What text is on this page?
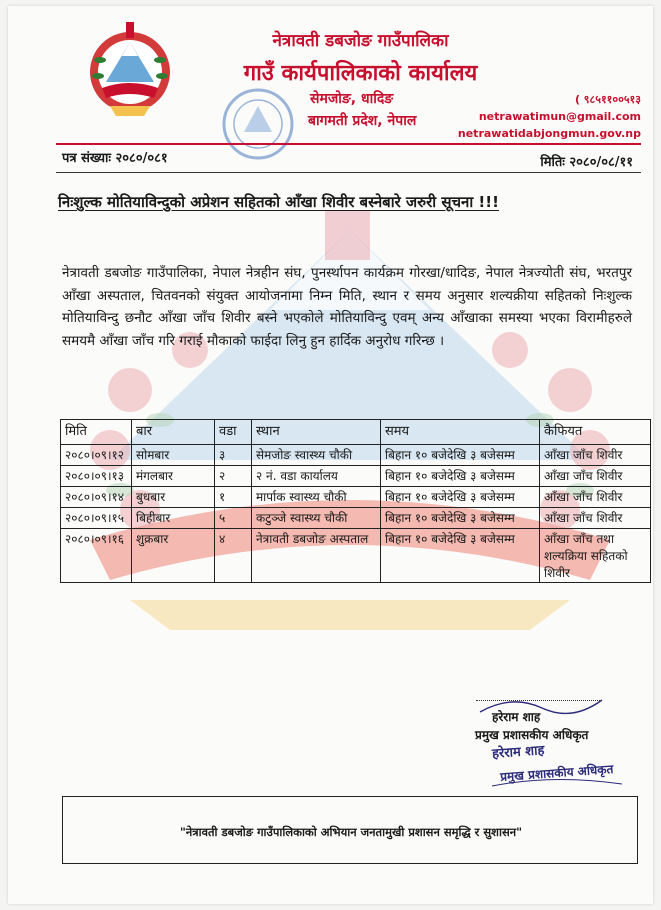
नेत्रावती डबजोङ गाउँपालिका
गाउँ कार्यपालिकाको कार्यालय
सेमजोङ, धादिङ
बागमती प्रदेश, नेपाल
( ९८५११००५१३
netrawatimun@gmail.com
netrawatidabjongmun.gov.np
पत्र संख्याः २०८०/०८१	मितिः २०८०/०८/११
निःशुल्क मोतियाविन्दुको अप्रेशन सहितको आँखा शिवीर बस्नेबारे जरुरी सूचना !!!
नेत्रावती डबजोङ गाउँपालिका, नेपाल नेत्रहीन संघ, पुनर्स्थापन कार्यक्रम गोरखा/धादिङ, नेपाल नेत्रज्योती संघ, भरतपुर आँखा अस्पताल, चितवनको संयुक्त आयोजनामा निम्न मिति, स्थान र समय अनुसार शल्यक्रीया सहितको निःशुल्क मोतियाविन्दु छनौट आँखा जाँच शिवीर बस्ने भएकोले मोतियाविन्दु एवम् अन्य आँखाका समस्या भएका विरामीहरुले समयमै आँखा जाँच गरि गराई मौकाको फाईदा लिनु हुन हार्दिक अनुरोध गरिन्छ ।
मिति	बार	वडा	स्थान	समय	कैफियत
२०८०।०९।१२	सोमबार	३	सेमजोङ स्वास्थ्य चौकी	बिहान १० बजेदेखि ३ बजेसम्म	आँखा जाँच शिवीर
२०८०।०९।१३	मंगलबार	२	२ नं. वडा कार्यालय	बिहान १० बजेदेखि ३ बजेसम्म	आँखा जाँच शिवीर
२०८०।०९।१४	बुधबार	१	मार्पाक स्वास्थ्य चौकी	बिहान १० बजेदेखि ३ बजेसम्म	आँखा जाँच शिवीर
२०८०।०९।१५	बिहीबार	५	कटुञ्जे स्वास्थ्य चौकी	बिहान १० बजेदेखि ३ बजेसम्म	आँखा जाँच शिवीर
२०८०।०९।१६	शुक्रबार	४	नेत्रावती डबजोङ अस्पताल	बिहान १० बजेदेखि ३ बजेसम्म	आँखा जाँच तथा शल्यक्रिया सहितको शिवीर
हरेराम शाह
प्रमुख प्रशासकीय अधिकृत
हरेराम शाह
प्रमुख प्रशासकीय अधिकृत
"नेत्रावती डबजोङ गाउँपालिकाको अभियान जनतामुखी प्रशासन समृद्धि र सुशासन"
